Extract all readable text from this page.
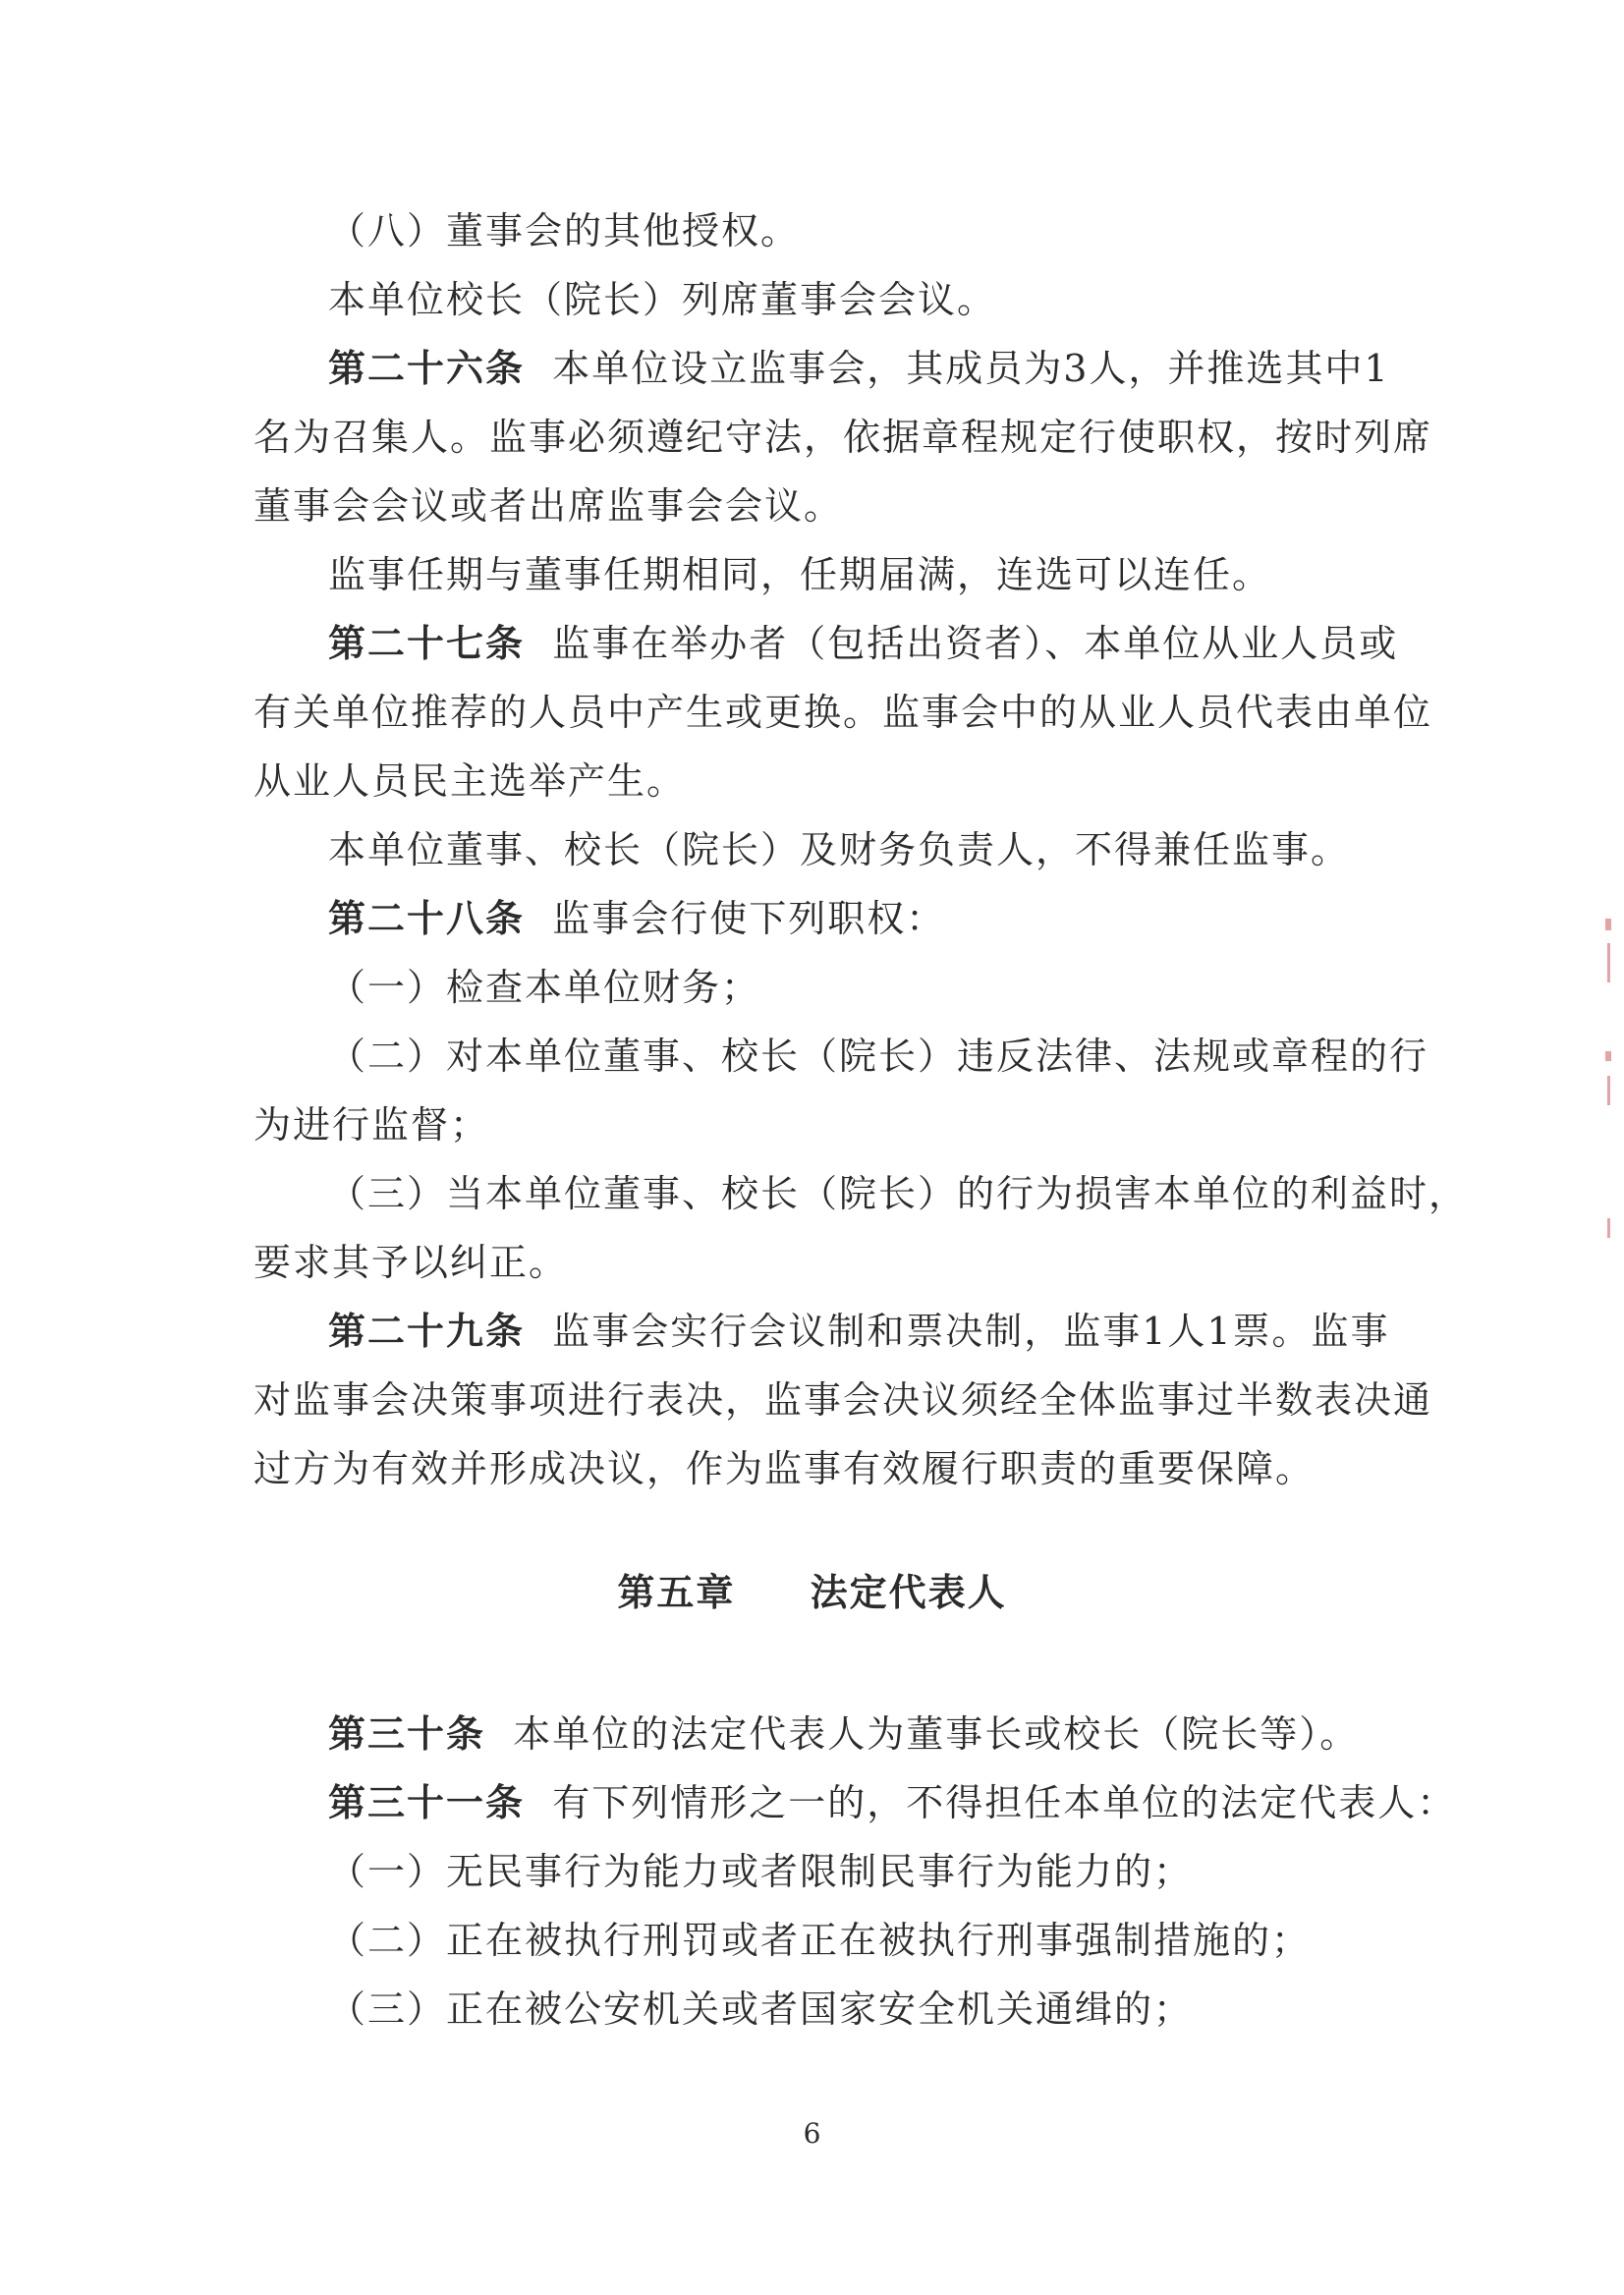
（八）董事会的其他授权。
本单位校长（院长）列席董事会会议。
第二十六条 本单位设立监事会，其成员为3人，并推选其中1
名为召集人。监事必须遵纪守法，依据章程规定行使职权，按时列席
董事会会议或者出席监事会会议。
监事任期与董事任期相同，任期届满，连选可以连任。
第二十七条 监事在举办者（包括出资者）、本单位从业人员或
有关单位推荐的人员中产生或更换。监事会中的从业人员代表由单位
从业人员民主选举产生。
本单位董事、校长（院长）及财务负责人，不得兼任监事。
第二十八条 监事会行使下列职权：
（一）检查本单位财务；
（二）对本单位董事、校长（院长）违反法律、法规或章程的行
为进行监督；
（三）当本单位董事、校长（院长）的行为损害本单位的利益时，
要求其予以纠正。
第二十九条 监事会实行会议制和票决制，监事1人1票。监事
对监事会决策事项进行表决，监事会决议须经全体监事过半数表决通
过方为有效并形成决议，作为监事有效履行职责的重要保障。
第五章 法定代表人
第三十条 本单位的法定代表人为董事长或校长（院长等）。
第三十一条 有下列情形之一的，不得担任本单位的法定代表人：
（一）无民事行为能力或者限制民事行为能力的；
（二）正在被执行刑罚或者正在被执行刑事强制措施的；
（三）正在被公安机关或者国家安全机关通缉的；
6
